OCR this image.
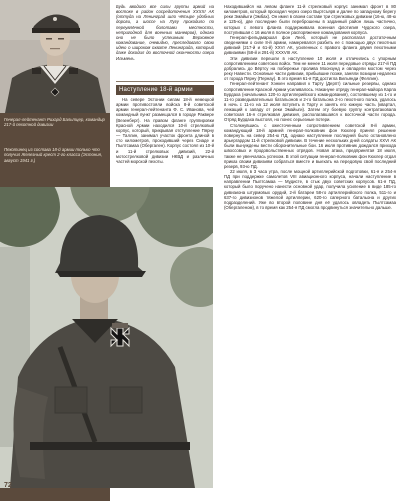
Генерал-лейтенант Рихард Бальтцер, командир 217-й пехотной дивизии
Пехотинец из состава 18-й армии только что получил Железный крест 2-го класса (Эстония, август 1941 г.)

Будь вводило все силы группы армий на востоке в район сосредоточения XXXXI АК (оттуда на Ленинград шло чётыре удобных дороги, а шоссе на Лугу проходило по переувлённой болотами местности, непригодной для военных маневров), однако оно не было успешным. Верховное командование, очевидно, преследовало свою идею о широком охвате Ленинграда, который даже доходил до восточной окончности озера Ильмень.

Наступление 18-й армии

На севере Эстонии силам 18-й немецкой армии противостояли войска 8-й советской армии генерал-лейтенанта Ф. С. Иванова, чей командный пункт размещался в городе Раквере (Везенберг). На правом фланге группировки Красной Армии находился 10-й стрелковый корпус, который, прикрывая отступление Пярну — Таллин, занимал участок фронта длиной в сто километров, проходивший через Сиаде и Пылтсамаа (Обергален). Корпус состоял из 10-й и 11-й стрелковых дивизий, 22-й мотострелковой дивизии НКВД и различных частей морской пехоты.

Находившийся на левом фланге 11-й стрелковый корпус занимал фронт в 80 километров, который проходил через озеро Выртсъярв и далее по западному берегу реки Эмайыги (Эмбах). Он имел в своем составе три стрелковых дивизии (16-ю, 48-ю и 125-ю), две последние были переброшены в заданный район лишь частично, которых с левого фланга поддерживала военная флотилия Чудского озера, поступившая с 16 июля в полное распоряжение командования корпуса.

Генерал-фельдмаршал фон Лееб, который не располагал достаточным сведениями о силе 8-й армии, намеревался разбить ее с помощью двух пехотных дивизий (217-й и 61-й) XXVI АК, усиленных с правого фланга двумя пехотными дивизиями (58-й и 291-й) XXXVIII АК.

Эти дивизии перешли в наступление 10 июля и отличились с упорным сопротивлением советских войск. Тем не менее 11 июля передовые отряды 217-й ПД добрались до Вёртсу на побережье пролива Моонзунд и овладели мостом через реку Навести. Основные части дивизии, прибывшие позже, заняли позиции недалеко от города Пярну (Пернау). В это время 61-я ПД достигла Вильянди (Феллин).

Генерал-лейтенант Хэнкен направил к Тарту (Дерпт) сильные резервы, однако сопротивление Красной Армии усиливалось. Накануне отряду генерал-майора Карла Бурдаха (начальника 120-го артиллерийского командования), состоявшему из 1-го и 11-го разведывательных батальонов и 2-го батальона 2-го пехотного полка, удалось в ночь с 11-го на 12 июля вступить в Тарту и занять его южную часть (квартал, лежащий к западу от реки Эмайыги). Затем эту боевую группу контратаковала советская 16-я стрелковая дивизия, располагавшаяся к восточной части города. Отряд Бурдаха выстоял, но понес серьезные потери.

Столкнувшись с ожесточенным сопротивлением советской 8-й армии, командующий 18-й армией генерал-полковник фон Кюхлер принял решение повернуть на север 254-ю ПД, однако наступление последней было остановлено арьергардом 11-й стрелковой дивизии. В течение нескольких дней солдаты XXVI АК были вынуждены вести оборонительные бои. 16 июля противник дождался прихода швоссовых и продовольственных отрядов. Новая атака, предпринятая 18 июля, также не увенчалась успехом. В этой ситуации генерал-полковник фон Кюхлер отдал приказ своим дивизиям собраться вместе и выехать на передовую свой последний резерв, 93-ю ПД.

22 июля, в 3 часа утра, после мощной артиллерийской подготовки, 61-я и 254-я ПД при поддержке самолетов VIII авиационного корпуса, начали наступление в направлении Пылтсамаа — Мудисте, в стык двух советских корпусов. 61-я ПД, который было поручено нанести основной удар, получила усиление в виде 185-го дивизиона штурмовых орудий, 2-й батареи 58-го артиллерийского полка, 511-го и 637-го дивизионов тяжелой артиллерии, 620-го саперного батальона и других подразделений. Уже во второй половине дня её удалось овладеть Пылтсамаа (Обергаленом), в то время как 254-я ПД смогла продвинуться значительно дальше.

72
